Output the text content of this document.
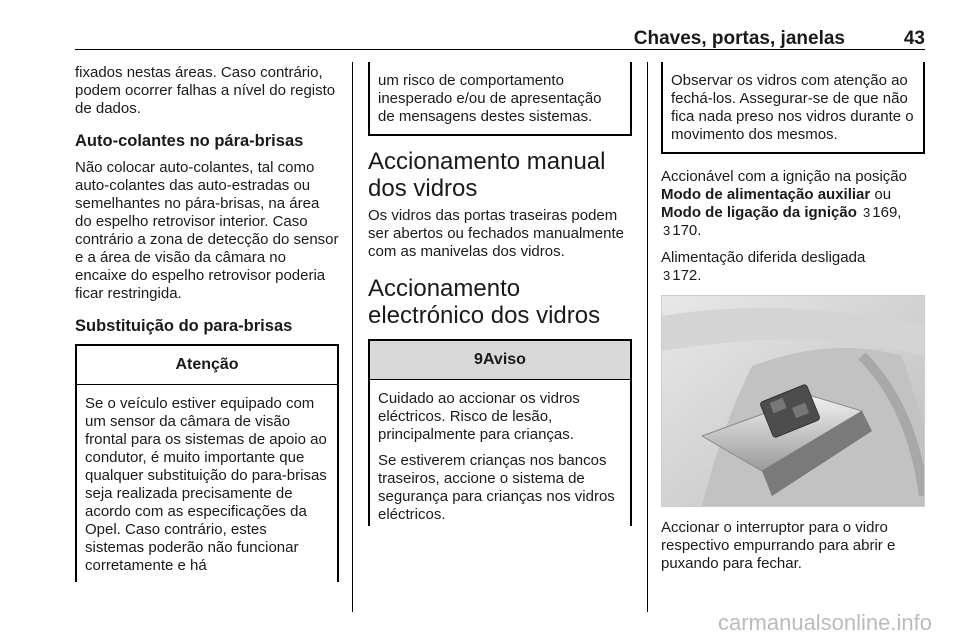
Chaves, portas, janelas	43

fixados nestas áreas. Caso contrário, podem ocorrer falhas a nível do registo de dados.

Auto-colantes no pára-brisas

Não colocar auto-colantes, tal como auto-colantes das auto-estradas ou semelhantes no pára-brisas, na área do espelho retrovisor interior. Caso contrário a zona de detecção do sensor e a área de visão da câmara no encaixe do espelho retrovisor poderia ficar restringida.

Substituição do para-brisas
Atenção
Se o veículo estiver equipado com um sensor da câmara de visão frontal para os sistemas de apoio ao condutor, é muito importante que qualquer substituição do para-brisas seja realizada precisamente de acordo com as especificações da Opel. Caso contrário, estes sistemas poderão não funcionar corretamente e há
um risco de comportamento inesperado e/ou de apresentação de mensagens destes sistemas.
Accionamento manual dos vidros

Os vidros das portas traseiras podem ser abertos ou fechados manualmente com as manivelas dos vidros.

Accionamento electrónico dos vidros
9Aviso

Cuidado ao accionar os vidros eléctricos. Risco de lesão, principalmente para crianças.

Se estiverem crianças nos bancos traseiros, accione o sistema de segurança para crianças nos vidros eléctricos.

Observar os vidros com atenção ao fechá-los. Assegurar-se de que não fica nada preso nos vidros durante o movimento dos mesmos.

Accionável com a ignição na posição Modo de alimentação auxiliar ou Modo de ligação da ignição 3 169,
3 170.

Alimentação diferida desligada
3 172.

Accionar o interruptor para o vidro respectivo empurrando para abrir e puxando para fechar.

carmanualsonline.info
